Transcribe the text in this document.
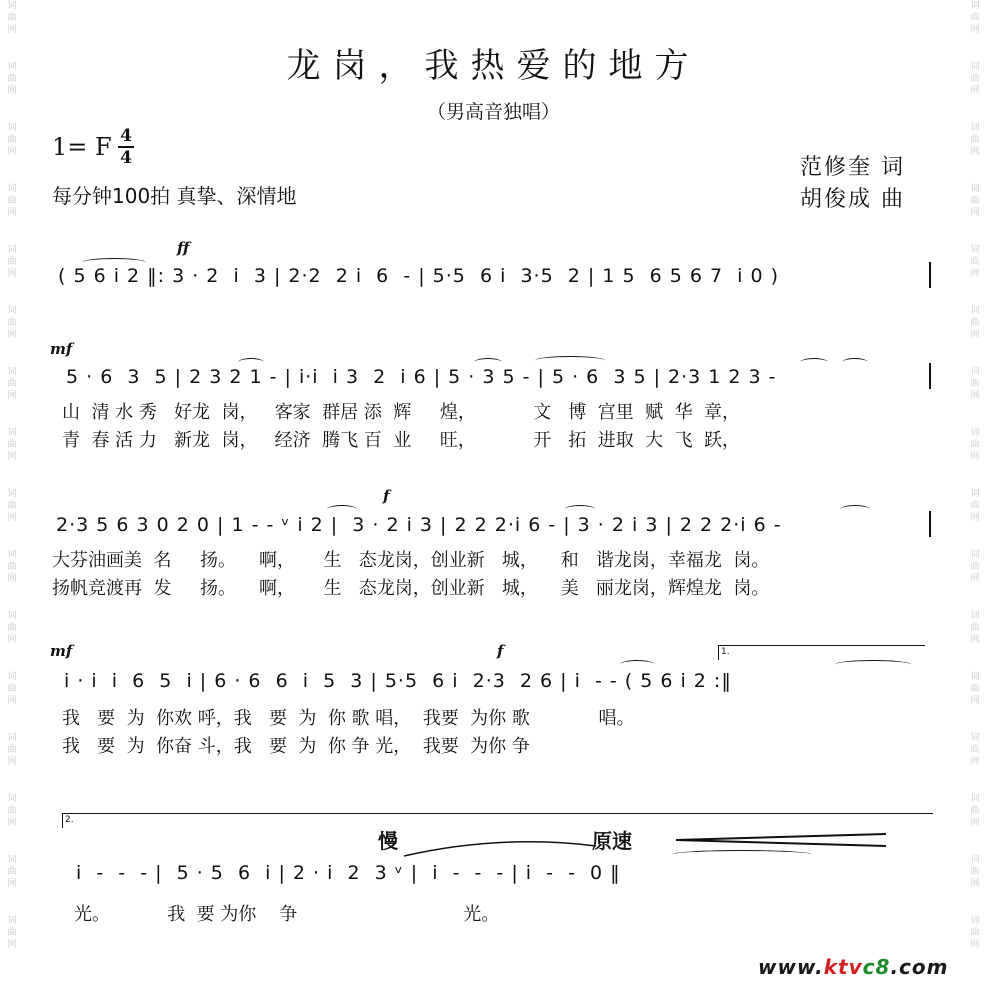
词
曲
网
词
曲
网
词
曲
网
词
曲
网
词
曲
网
词
曲
网
词
曲
网
词
曲
网
词
曲
网
词
曲
网
词
曲
网
词
曲
网
词
曲
网
词
曲
网
词
曲
网
词
曲
网
词
曲
网
词
曲
网
词
曲
网
词
曲
网
词
曲
网
词
曲
网
词
曲
网
词
曲
网
词
曲
网
词
曲
网
词
曲
网
词
曲
网
词
曲
网
词
曲
网
词
曲
网
词
曲
网
龙岗，我热爱的地方
（男高音独唱）
1= F 4
4
每分钟100拍 真挚、深情地
范修奎 词
胡俊成 曲
ff
( 5 6 i 2 ‖: 3 · 2  i  3 | 2·2  2 i  6  - | 5·5  6 i  3·5  2 | 1 5  6 5 6 7  i 0 )
mf
5 · 6  3  5 | 2 3 2 1 - | i·i  i 3  2  i 6 | 5 · 3 5 - | 5 · 6  3 5 | 2·3 1 2 3 -
山  清 水 秀   好龙  岗，   客家  群居 添  辉     煌，          文   博  宫里  赋  华  章，
青  春 活 力   新龙  岗，   经济  腾飞 百  业     旺，          开   拓  进取  大  飞  跃，
f
2·3 5 6 3 0 2 0 | 1 - - ᵛ i 2 |  3 · 2 i 3 | 2 2 2·i 6 - | 3 · 2 i 3 | 2 2 2·i 6 -
大芬油画美  名     扬。    啊，     生   态龙岗，创业新   城，    和   谐龙岗，幸福龙  岗。
扬帆竞渡再  发     扬。    啊，     生   态龙岗，创业新   城，    美   丽龙岗，辉煌龙  岗。
mf	f	1.
i · i  i  6  5  i | 6 · 6  6  i  5  3 | 5·5  6 i  2·3  2 6 | i  - - ( 5 6 i 2 :‖
我   要  为  你欢 呼，我   要  为  你 歌 唱，  我要  为你 歌            唱。
我   要  为  你奋 斗，我   要  为  你 争 光，  我要  为你 争
2.
慢	原速
i  -  -  - |  5 · 5  6  i | 2 · i  2  3 ᵛ |  i  -  -  - | i  -  -  0 ‖
光。          我  要 为你    争                             光。
www.ktvc8.com
